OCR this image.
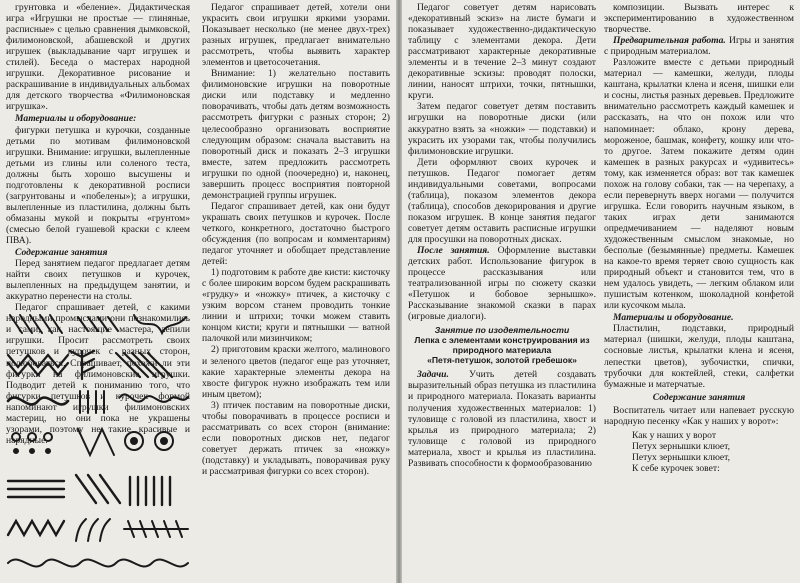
грунтовка и «беление». Дидактическая игра «Игрушки не простые — глиняные, расписные» с целью сравнения дымковской, филимоновской, абашевской и других игрушек (выкладывание чарт игрушек и стилей). Беседа о мастерах народной игрушки. Декоративное рисование и раскрашивание в индивидуальных альбомах для детского творчества «Филимоновская игрушка».

Материалы и оборудование:

фигурки петушка и курочки, созданные детьми по мотивам филимоновской игрушки. Внимание: игрушки, вылепленные детьми из глины или соленого теста, должны быть хорошо высушены и подготовлены к декоративной росписи (загрунтованы и «побелены»); а игрушки, вылепленные из пластилина, должны быть обмазаны мукой и покрыты «грунтом» (смесью белой гуашевой краски с клеем ПВА).

Содержание занятия

Перед занятием педагог предлагает детям найти своих петушков и курочек, вылепленных на предыдущем занятии, и аккуратно перенести на столы.

Педагог спрашивает детей, с какими народными промыслами они познакомились и сами, как настоящие мастера, лепили игрушки. Просит рассмотреть своих петушков и курочек с разных сторон, полюбоваться. Спрашивает, похожи ли эти фигурки на филимоновские игрушки. Подводит детей к пониманию того, что фигурки петушков и курочек формой напоминают игрушки филимоновских мастериц, но они пока не украшены узорами, поэтому не такие красивые и нарядные.

Педагог спрашивает детей, хотели они украсить свои игрушки яркими узорами. Показывает несколько (не менее двух-трех) разных игрушек, предлагает внимательно рассмотреть, чтобы выявить характер элементов и цветосочетания.

Внимание: 1) желательно поставить филимоновские игрушки на поворотные диски или подставку и медленно поворачивать, чтобы дать детям возможность рассмотреть фигурки с разных сторон; 2) целесообразно организовать восприятие следующим образом: сначала выставить на поворотный диск и показать 2–3 игрушки вместе, затем предложить рассмотреть игрушки по одной (поочередно) и, наконец, завершить процесс восприятия повторной демонстрацией группы игрушек.

Педагог спрашивает детей, как они будут украшать своих петушков и курочек. После четкого, конкретного, достаточно быстрого обсуждения (по вопросам и комментариям) педагог уточняет и обобщает представление детей:

1) подготовим к работе две кисти: кисточку с более широким ворсом будем раскрашивать «грудку» и «ножку» птичек, а кисточку с узким ворсом станем проводить тонкие линии и штрихи; точки можем ставить концом кисти; круги и пятнышки — ватной палочкой или мизинчиком;

2) приготовим краски желтого, малинового и зеленого цветов (педагог еще раз уточняет, какие характерные элементы декора на хвосте фигурок нужно изображать тем или иным цветом);

3) птичек поставим на поворотные диски, чтобы поворачивать в процессе росписи и рассматривать со всех сторон (внимание: если поворотных дисков нет, педагог советует держать птичек за «ножку» (подставку) и укладывать, поворачивая руку и рассматривая фигурки со всех сторон).

Педагог советует детям нарисовать «декоративный эскиз» на листе бумаги и показывает художественно-дидактическую таблицу с элементами декора. Дети рассматривают характерные декоративные элементы и в течение 2–3 минут создают декоративные эскизы: проводят полоски, линии, наносят штрихи, точки, пятнышки, круги.

Затем педагог советует детям поставить игрушки на поворотные диски (или аккуратно взять за «ножки» — подставки) и украсить их узорами так, чтобы получились филимоновские игрушки.

Дети оформляют своих курочек и петушков. Педагог помогает детям индивидуальными советами, вопросами (таблица), показом элементов декора (таблица), способов декорирования и другие показом игрушек. В конце занятия педагог советует детям оставить расписные игрушки для просушки на поворотных дисках.

После занятия. Оформление выставки детских работ. Использование фигурок в процессе рассказывания или театрализованной игры по сюжету сказки «Петушок и бобовое зернышко». Рассказывание знакомой сказки в парах (игровые диалоги).

Занятие по изодеятельности
Лепка с элементами конструирования из природного материала
«Петя-петушок, золотой гребешок»

Задачи. Учить детей создавать выразительный образ петушка из пластилина и природного материала. Показать варианты получения художественных материалов: 1) туловище с головой из пластилина, хвост и крылья из природного материала; 2) туловище с головой из природного материала, хвост и крылья из пластилина. Развивать способности к формообразованию

композиции. Вызвать интерес к экспериментированию в художественном творчестве.

Предварительная работа. Игры и занятия с природным материалом.

Разложите вместе с детьми природный материал — камешки, желуди, плоды каштана, крылатки клена и ясеня, шишки ели и сосны, листья разных деревьев. Предложите внимательно рассмотреть каждый камешек и рассказать, на что он похож или что напоминает: облако, крону дерева, мороженое, башмак, конфету, кошку или что-то другое. Затем покажите детям один камешек в разных ракурсах и «удивитесь» тому, как изменяется образ: вот так камешек похож на голову собаки, так — на черепаху, а если перевернуть вверх ногами — получится игрушка. Если говорить научным языком, в таких играх дети занимаются опредмечиванием — наделяют новым художественным смыслом знакомые, но бесполые (безымянные) предметы. Камешек на какое-то время теряет свою сущность как природный объект и становится тем, что в нем удалось увидеть, — легким облаком или пушистым котенком, шоколадной конфетой или кусочком мыла.

Материалы и оборудование.

Пластилин, подставки, природный материал (шишки, желуди, плоды каштана, сосновые листья, крылатки клена и ясеня, лепестки цветов), зубочистки, спички, трубочки для коктейлей, стеки, салфетки бумажные и матерчатые.

Содержание занятия

Воспитатель читает или напевает русскую народную песенку «Как у наших у ворот»:

Как у наших у ворот
Петух зернышки клюет,
Петух зернышки клюет,
К себе курочек зовет:
